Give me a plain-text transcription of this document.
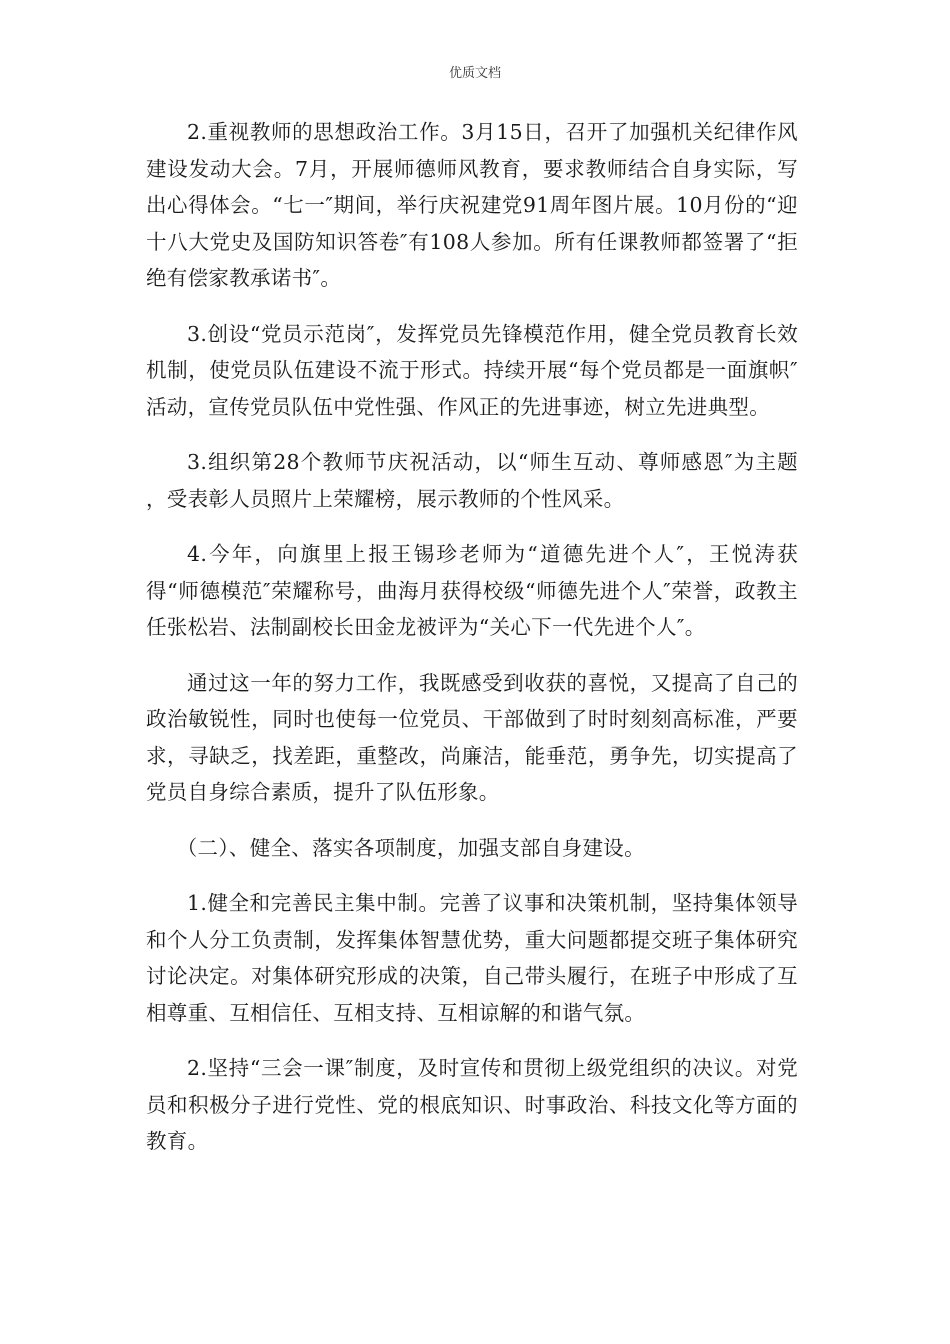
优质文档

2.重视教师的思想政治工作。3月15日，召开了加强机关纪律作风建设发动大会。7月，开展师德师风教育，要求教师结合自身实际，写出心得体会。“七一″期间，举行庆祝建党91周年图片展。10月份的“迎十八大党史及国防知识答卷″有108人参加。所有任课教师都签署了“拒绝有偿家教承诺书″。

3.创设“党员示范岗″，发挥党员先锋模范作用，健全党员教育长效机制，使党员队伍建设不流于形式。持续开展“每个党员都是一面旗帜″活动，宣传党员队伍中党性强、作风正的先进事迹，树立先进典型。

3.组织第28个教师节庆祝活动，以“师生互动、尊师感恩″为主题 ，受表彰人员照片上荣耀榜，展示教师的个性风采。

4.今年，向旗里上报王锡珍老师为“道德先进个人″，王悦涛获得“师德模范″荣耀称号，曲海月获得校级“师德先进个人″荣誉，政教主任张松岩、法制副校长田金龙被评为“关心下一代先进个人″。

通过这一年的努力工作，我既感受到收获的喜悦，又提高了自己的政治敏锐性，同时也使每一位党员、干部做到了时时刻刻高标准，严要求，寻缺乏，找差距，重整改，尚廉洁，能垂范，勇争先，切实提高了党员自身综合素质，提升了队伍形象。

（二）、健全、落实各项制度，加强支部自身建设。

1.健全和完善民主集中制。完善了议事和决策机制，坚持集体领导和个人分工负责制，发挥集体智慧优势，重大问题都提交班子集体研究讨论决定。对集体研究形成的决策，自己带头履行，在班子中形成了互相尊重、互相信任、互相支持、互相谅解的和谐气氛。

2.坚持“三会一课″制度，及时宣传和贯彻上级党组织的决议。对党员和积极分子进行党性、党的根底知识、时事政治、科技文化等方面的教育。
